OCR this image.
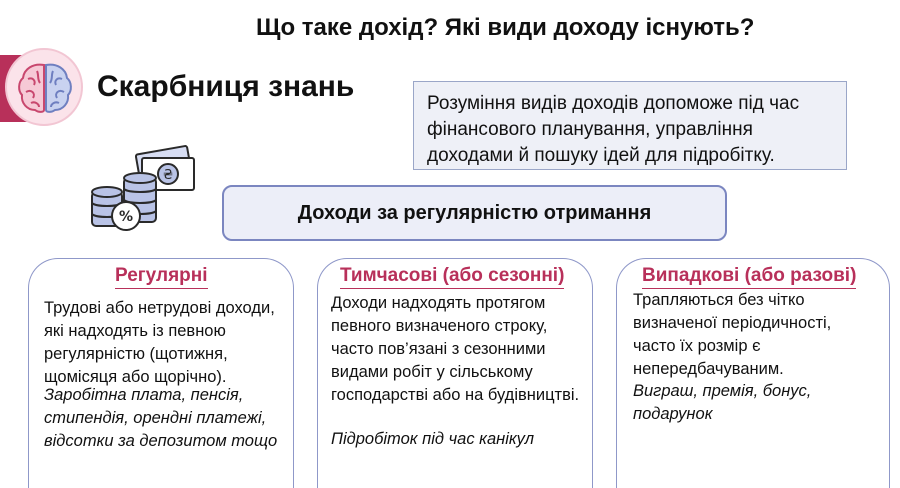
Що таке дохід? Які види доходу існують?
Скарбниця знань
Розуміння видів доходів допоможе під час фінансового планування, управління доходами й пошуку ідей для підробітку.
₴
%	Доходи за регулярністю отримання
Регулярні
Трудові або нетрудові доходи, які надходять із певною регулярністю (щотижня, щомісяця або щорічно).
Заробітна плата, пенсія, стипендія, орендні платежі, відсотки за депозитом тощо
Тимчасові (або сезонні)
Доходи надходять протягом певного визначеного строку, часто пов’язані з сезонними видами робіт у сільському господарстві або на будівництві.
Підробіток під час канікул
Випадкові (або разові)
Трапляються без чітко визначеної періодичності, часто їх розмір є непередбачуваним.
Виграш, премія, бонус, подарунок
